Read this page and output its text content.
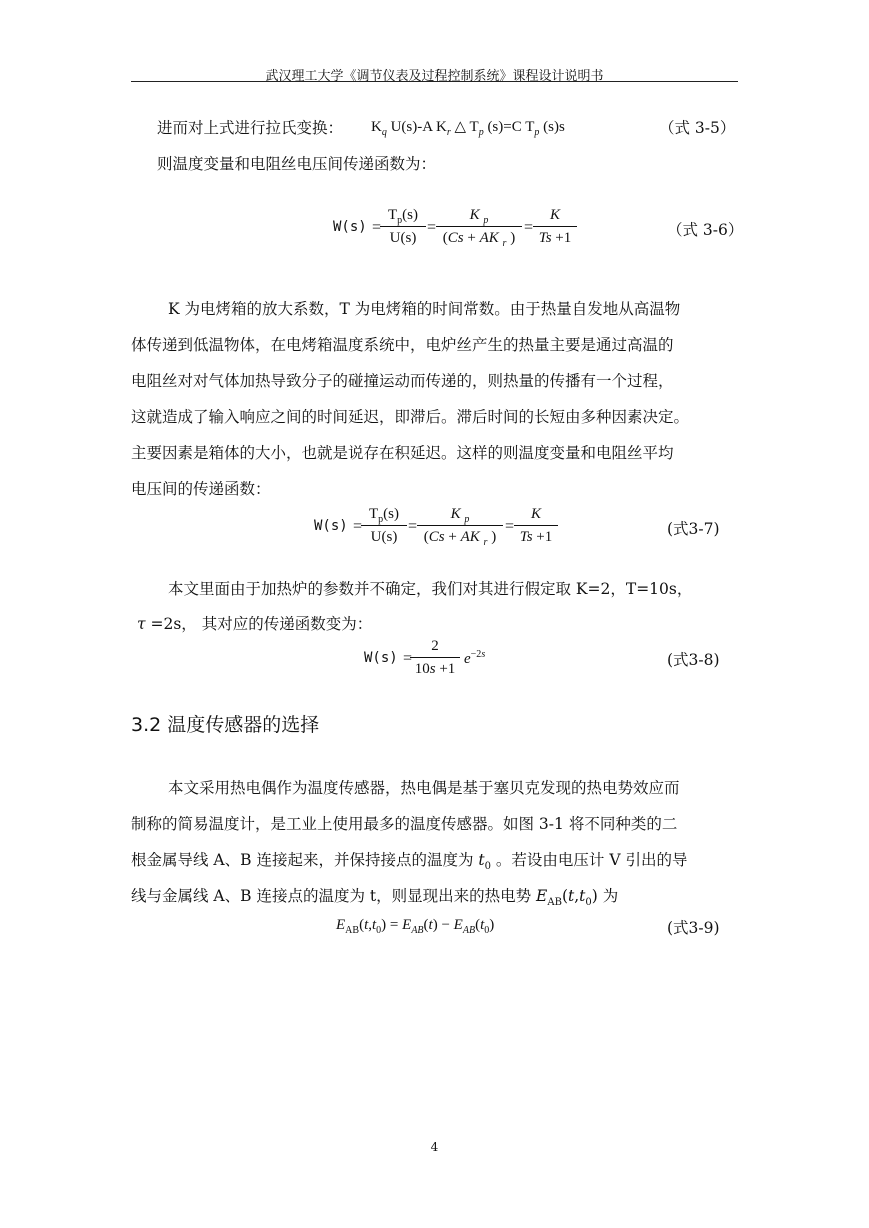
武汉理工大学《调节仪表及过程控制系统》课程设计说明书
进而对上式进行拉氏变换： $K_q$ U(s)-A $K_r$ △ $T_p$ (s)=C $T_p$ (s)s	（式 3-5）
则温度变量和电阻丝电压间传递函数为：
W(s) =
$T_p(s)$
U(s)
=
K $_p$
(Cs + AK $_r$ )
=
K
Ts +1	（式 3-6）
K 为电烤箱的放大系数，T 为电烤箱的时间常数。由于热量自发地从高温物
体传递到低温物体，在电烤箱温度系统中，电炉丝产生的热量主要是通过高温的
电阻丝对对气体加热导致分子的碰撞运动而传递的，则热量的传播有一个过程，
这就造成了输入响应之间的时间延迟，即滞后。滞后时间的长短由多种因素决定。
主要因素是箱体的大小，也就是说存在积延迟。这样的则温度变量和电阻丝平均
电压间的传递函数：
W(s) =
$T_p(s)$
U(s)
=
K $_p$
(Cs + AK $_r$ )
=
K
Ts +1	(式3-7)
本文里面由于加热炉的参数并不确定，我们对其进行假定取 K=2，T=10s，
τ =2s， 其对应的传递函数变为：
W(s) =
2
10s +1
$e^{-2s}$	(式3-8)
3.2 温度传感器的选择
本文采用热电偶作为温度传感器，热电偶是基于塞贝克发现的热电势效应而
制称的简易温度计，是工业上使用最多的温度传感器。如图 3-1 将不同种类的二
根金属导线 A、B 连接起来，并保持接点的温度为 $t_0$ 。若设由电压计 V 引出的导
线与金属线 A、B 连接点的温度为 t，则显现出来的热电势 $E_{AB}(t,t_0)$ 为
$E_{AB}(t,t_0) = E_{AB}(t) - E_{AB}(t_0)$	(式3-9)
4
